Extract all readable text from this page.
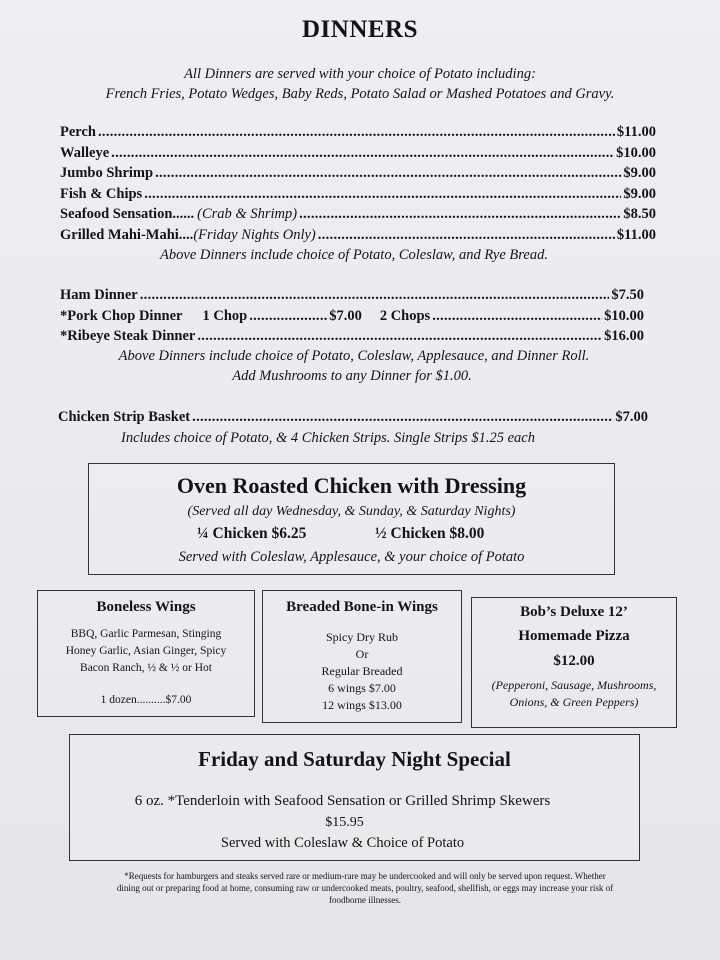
DINNERS
All Dinners are served with your choice of Potato including:
French Fries, Potato Wedges, Baby Reds, Potato Salad or Mashed Potatoes and Gravy.
Perch .....	$11.00
Walleye .....	$10.00
Jumbo Shrimp .....	$9.00
Fish & Chips .....	$9.00
Seafood Sensation...... (Crab & Shrimp) .....	$8.50
Grilled Mahi-Mahi.... (Friday Nights Only) .....	$11.00
Above Dinners include choice of Potato, Coleslaw, and Rye Bread.
Ham Dinner .....	$7.50
*Pork Chop Dinner 1 Chop .....	$7.00 2 Chops .....	$10.00
*Ribeye Steak Dinner .....	$16.00
Above Dinners include choice of Potato, Coleslaw, Applesauce, and Dinner Roll.
Add Mushrooms to any Dinner for $1.00.
Chicken Strip Basket .....	$7.00
Includes choice of Potato, & 4 Chicken Strips. Single Strips $1.25 each
Oven Roasted Chicken with Dressing
(Served all day Wednesday, & Sunday, & Saturday Nights)
¼ Chicken $6.25	½ Chicken $8.00
Served with Coleslaw, Applesauce, & your choice of Potato
Boneless Wings
BBQ, Garlic Parmesan, Stinging
Honey Garlic, Asian Ginger, Spicy
Bacon Ranch, ½ & ½ or Hot
1 dozen..........$7.00
Breaded Bone-in Wings
Spicy Dry Rub
Or
Regular Breaded
6 wings $7.00
12 wings $13.00
Bob’s Deluxe 12’
Homemade Pizza
$12.00
(Pepperoni, Sausage, Mushrooms,
Onions, & Green Peppers)
Friday and Saturday Night Special
6 oz. *Tenderloin with Seafood Sensation or Grilled Shrimp Skewers
$15.95
Served with Coleslaw & Choice of Potato
*Requests for hamburgers and steaks served rare or medium-rare may be undercooked and will only be served upon request. Whether
dining out or preparing food at home, consuming raw or undercooked meats, poultry, seafood, shellfish, or eggs may increase your risk of
foodborne illnesses.
